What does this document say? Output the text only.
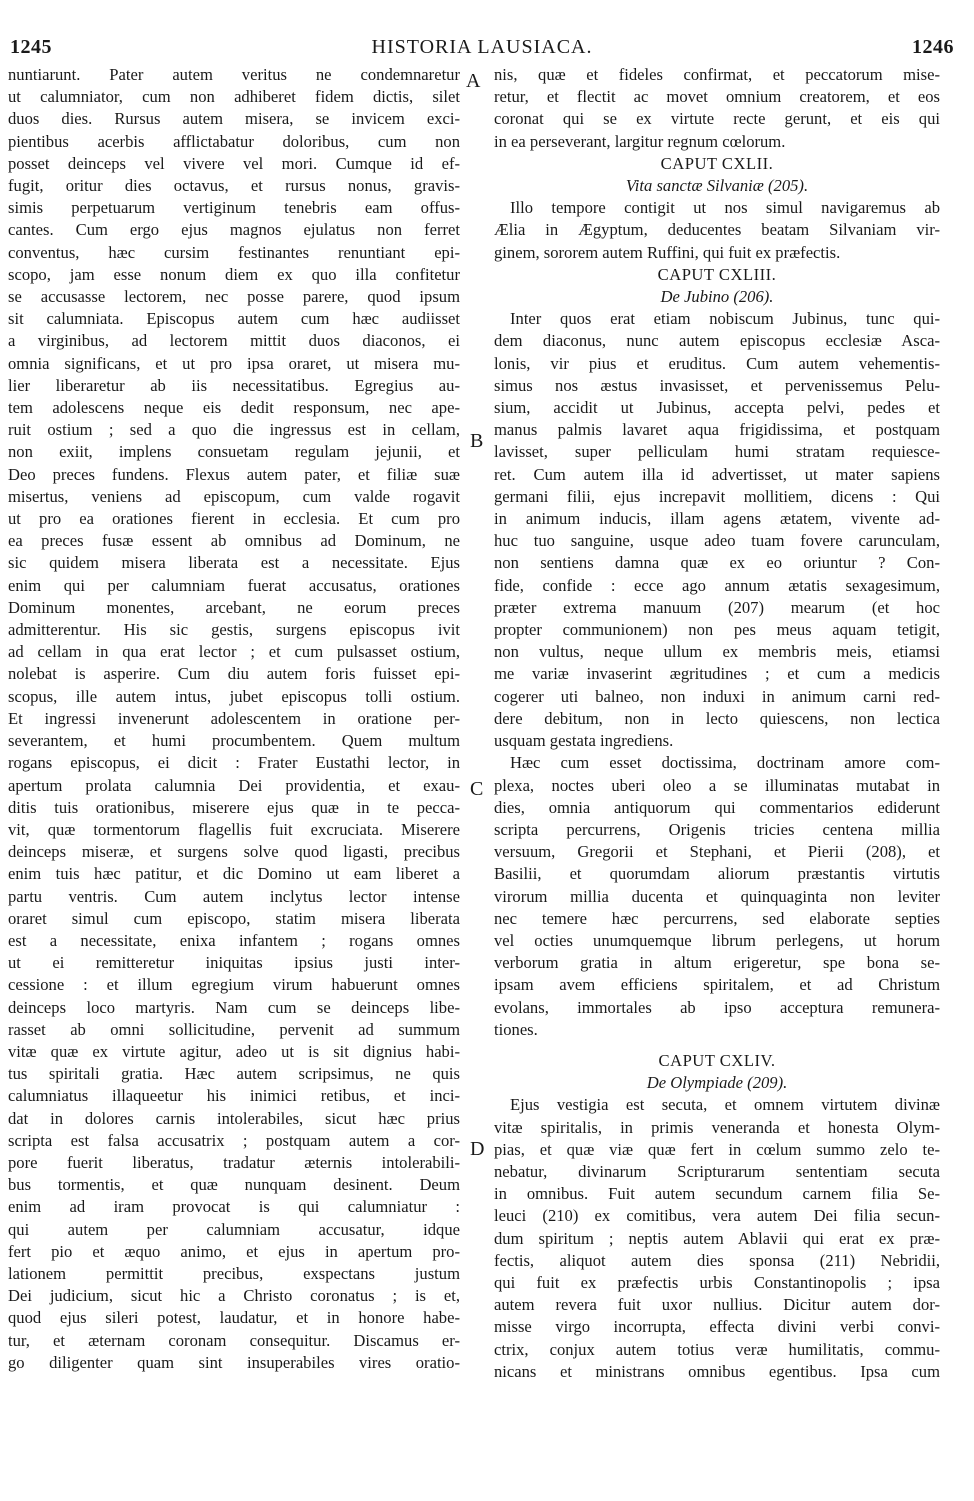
1245	HISTORIA LAUSIACA.	1246
A
B
C
D
nuntiarunt. Pater autem veritus ne condemnaretur
ut calumniator, cum non adhiberet fidem dictis, silet
duos dies. Rursus autem misera, se invicem exci-
pientibus acerbis afflictabatur doloribus, cum non
posset deinceps vel vivere vel mori. Cumque id ef-
fugit, oritur dies octavus, et rursus nonus, gravis-
simis perpetuarum vertiginum tenebris eam offus-
cantes. Cum ergo ejus magnos ejulatus non ferret
conventus, hæc cursim festinantes renuntiant epi-
scopo, jam esse nonum diem ex quo illa confitetur
se accusasse lectorem, nec posse parere, quod ipsum
sit calumniata. Episcopus autem cum hæc audiisset
a virginibus, ad lectorem mittit duos diaconos, ei
omnia significans, et ut pro ipsa oraret, ut misera mu-
lier liberaretur ab iis necessitatibus. Egregius au-
tem adolescens neque eis dedit responsum, nec ape-
ruit ostium ; sed a quo die ingressus est in cellam,
non exiit, implens consuetam regulam jejunii, et
Deo preces fundens. Flexus autem pater, et filiæ suæ
misertus, veniens ad episcopum, cum valde rogavit
ut pro ea orationes fierent in ecclesia. Et cum pro
ea preces fusæ essent ab omnibus ad Dominum, ne
sic quidem misera liberata est a necessitate. Ejus
enim qui per calumniam fuerat accusatus, orationes
Dominum monentes, arcebant, ne eorum preces
admitterentur. His sic gestis, surgens episcopus ivit
ad cellam in qua erat lector ; et cum pulsasset ostium,
nolebat is asperire. Cum diu autem foris fuisset epi-
scopus, ille autem intus, jubet episcopus tolli ostium.
Et ingressi invenerunt adolescentem in oratione per-
severantem, et humi procumbentem. Quem multum
rogans episcopus, ei dicit : Frater Eustathi lector, in
apertum prolata calumnia Dei providentia, et exau-
ditis tuis orationibus, miserere ejus quæ in te pecca-
vit, quæ tormentorum flagellis fuit excruciata. Miserere
deinceps miseræ, et surgens solve quod ligasti, precibus
enim tuis hæc patitur, et dic Domino ut eam liberet a
partu ventris. Cum autem inclytus lector intense
oraret simul cum episcopo, statim misera liberata
est a necessitate, enixa infantem ; rogans omnes
ut ei remitteretur iniquitas ipsius justi inter-
cessione : et illum egregium virum habuerunt omnes
deinceps loco martyris. Nam cum se deinceps libe-
rasset ab omni sollicitudine, pervenit ad summum
vitæ quæ ex virtute agitur, adeo ut is sit dignius habi-
tus spiritali gratia. Hæc autem scripsimus, ne quis
calumniatus illaqueetur his inimici retibus, et inci-
dat in dolores carnis intolerabiles, sicut hæc prius
scripta est falsa accusatrix ; postquam autem a cor-
pore fuerit liberatus, tradatur æternis intolerabili-
bus tormentis, et quæ nunquam desinent. Deum
enim ad iram provocat is qui calumniatur :
qui autem per calumniam accusatur, idque
fert pio et æquo animo, et ejus in apertum pro-
lationem permittit precibus, exspectans justum
Dei judicium, sicut hic a Christo coronatus ; is et,
quod ejus sileri potest, laudatur, et in honore habe-
tur, et æternam coronam consequitur. Discamus er-
go diligenter quam sint insuperabiles vires oratio-
nis, quæ et fideles confirmat, et peccatorum mise-
retur, et flectit ac movet omnium creatorem, et eos
coronat qui se ex virtute recte gerunt, et eis qui
in ea perseverant, largitur regnum cœlorum.
CAPUT CXLII.
Vita sanctæ Silvaniæ (205).
Illo tempore contigit ut nos simul navigaremus ab
Ælia in Ægyptum, deducentes beatam Silvaniam vir-
ginem, sororem autem Ruffini, qui fuit ex præfectis.
CAPUT CXLIII.
De Jubino (206).
Inter quos erat etiam nobiscum Jubinus, tunc qui-
dem diaconus, nunc autem episcopus ecclesiæ Asca-
lonis, vir pius et eruditus. Cum autem vehementis-
simus nos æstus invasisset, et pervenissemus Pelu-
sium, accidit ut Jubinus, accepta pelvi, pedes et
manus palmis lavaret aqua frigidissima, et postquam
lavisset, super pelliculam humi stratam requiesce-
ret. Cum autem illa id advertisset, ut mater sapiens
germani filii, ejus increpavit mollitiem, dicens : Qui
in animum inducis, illam agens ætatem, vivente ad-
huc tuo sanguine, usque adeo tuam fovere carunculam,
non sentiens damna quæ ex eo oriuntur ? Con-
fide, confide : ecce ago annum ætatis sexagesimum,
præter extrema manuum (207) mearum (et hoc
propter communionem) non pes meus aquam tetigit,
non vultus, neque ullum ex membris meis, etiamsi
me variæ invaserint ægritudines ; et cum a medicis
cogerer uti balneo, non induxi in animum carni red-
dere debitum, non in lecto quiescens, non lectica
usquam gestata ingrediens.
Hæc cum esset doctissima, doctrinam amore com-
plexa, noctes uberi oleo a se illuminatas mutabat in
dies, omnia antiquorum qui commentarios ediderunt
scripta percurrens, Origenis tricies centena millia
versuum, Gregorii et Stephani, et Pierii (208), et
Basilii, et quorumdam aliorum præstantis virtutis
virorum millia ducenta et quinquaginta non leviter
nec temere hæc percurrens, sed elaborate septies
vel octies unumquemque librum perlegens, ut horum
verborum gratia in altum erigeretur, spe bona se-
ipsam avem efficiens spiritalem, et ad Christum
evolans, immortales ab ipso acceptura remunera-
tiones.
CAPUT CXLIV.
De Olympiade (209).
Ejus vestigia est secuta, et omnem virtutem divinæ
vitæ spiritalis, in primis veneranda et honesta Olym-
pias, et quæ viæ quæ fert in cœlum summo zelo te-
nebatur, divinarum Scripturarum sententiam secuta
in omnibus. Fuit autem secundum carnem filia Se-
leuci (210) ex comitibus, vera autem Dei filia secun-
dum spiritum ; neptis autem Ablavii qui erat ex præ-
fectis, aliquot autem dies sponsa (211) Nebridii,
qui fuit ex præfectis urbis Constantinopolis ; ipsa
autem revera fuit uxor nullius. Dicitur autem dor-
misse virgo incorrupta, effecta divini verbi convi-
ctrix, conjux autem totius veræ humilitatis, commu-
nicans et ministrans omnibus egentibus. Ipsa cum
